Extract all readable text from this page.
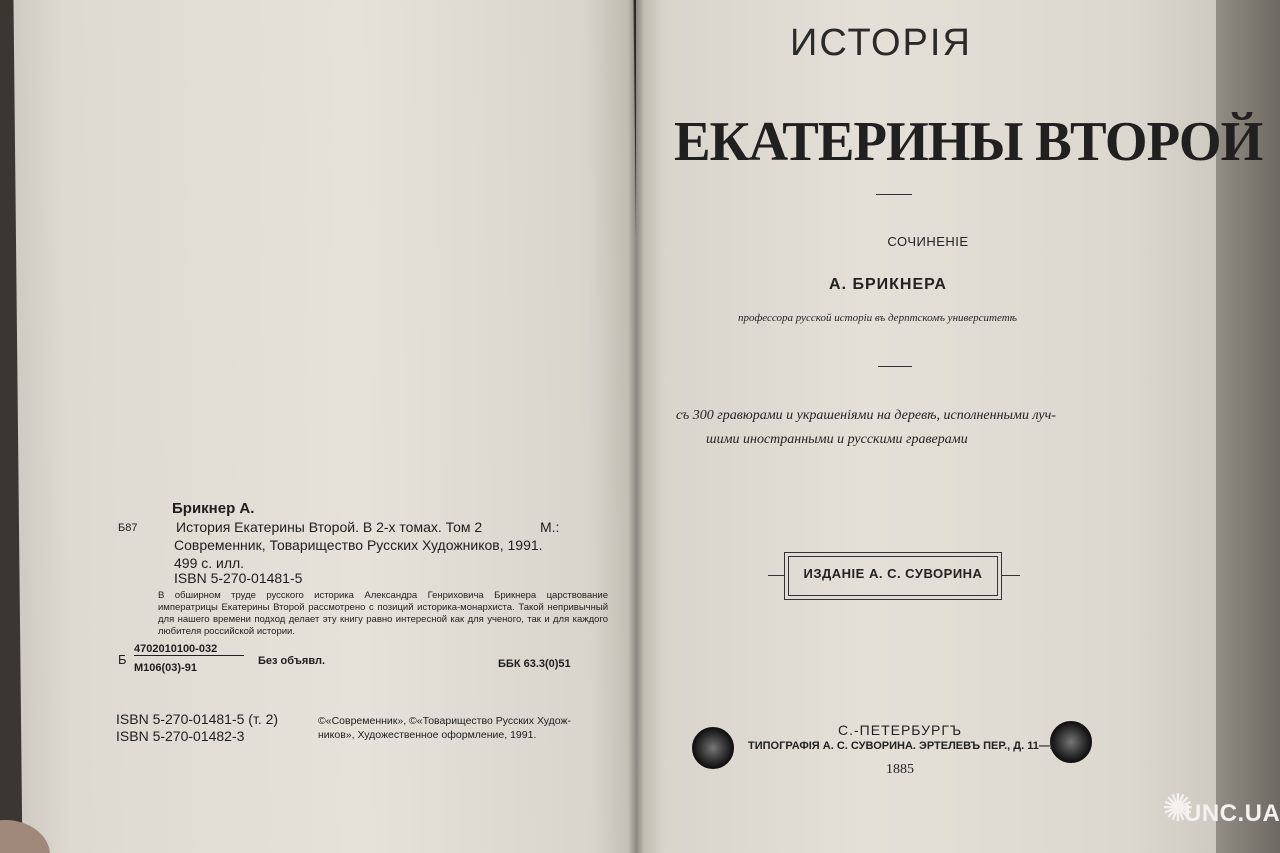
Брикнер А.
Б87	История Екатерины Второй. В 2-х томах. Том 2	М.:
Современник, Товарищество Русских Художников, 1991.
499 с. илл.
ISBN 5-270-01481-5
В обширном труде русского историка Александра Генриховича Брикнера царствование императрицы Екатерины Второй рассмотрено с позиций историка-монархиста. Такой непривычный для нашего времени подход делает эту книгу равно интересной как для ученого, так и для каждого любителя российской истории.
Б
4702010100-032
М106(03)-91
Без объявл.	ББК 63.3(0)51
ISBN 5-270-01481-5 (т. 2)
ISBN 5-270-01482-3
©«Современник», ©«Товарищество Русских Худож-
ников», Художественное оформление, 1991.
ИСТОРІЯ
ЕКАТЕРИНЫ ВТОРОЙ
СОЧИНЕНІЕ
А. БРИКНЕРА
профессора русской исторіи въ дерптскомъ университетѣ
съ 300 гравюрами и украшеніями на деревѣ, исполненными луч-
шими иностранными и русскими граверами
ИЗДАНІЕ А. С. СУВОРИНА
С.-ПЕТЕРБУРГЪ
ТИПОГРАФІЯ А. С. СУВОРИНА. ЭРТЕЛЕВЪ ПЕР., Д. 11—2
1885
✺
UNC.UA
